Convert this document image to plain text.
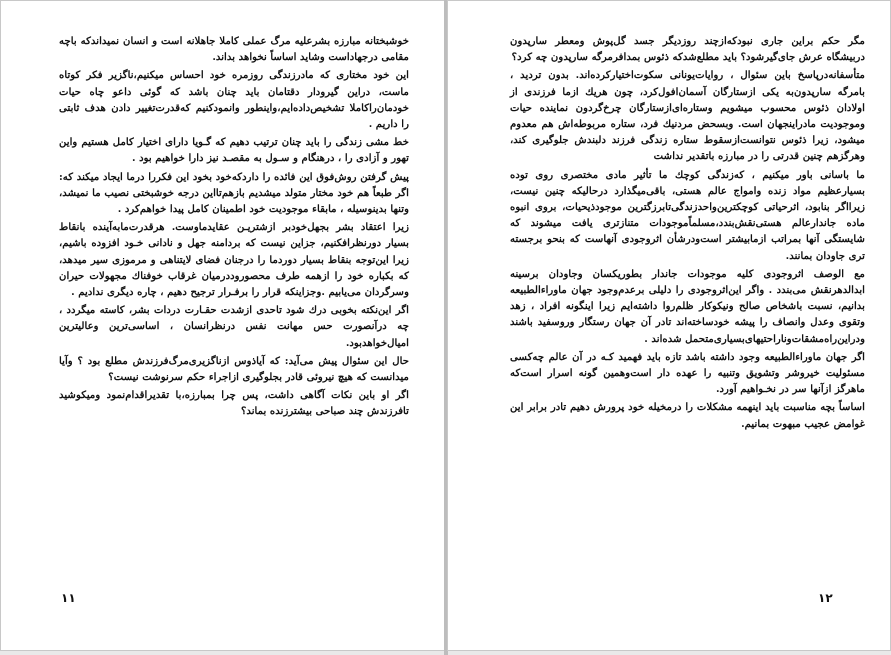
خوشبختانه مبارزه بشرعلیه مرگ عملی کاملا جاهلانه است و انسان نمیداندکه باچه مقامی درجهاداست وشاید اساساً نخواهد بداند.

این خود مختاری که مادرزندگی روزمره خود احساس میکنیم،ناگزیر فکر کوتاه ماست، دراین گیرودار دقتامان باید چنان باشد که گوئی داعو چاه حیات خودمان‌راکاملا تشخیص‌داده‌ایم،واینطور وانمودکنیم که‌قدرت‌تغییر دادن هدف ثابتی را داریم .

خط مشی زندگی را باید چنان ترتیب دهیم که گـویا دارای اختیار کامل هستیم واین تهور و آزادی را ، درهنگام و سـول به مقصـد نیز دارا خواهیم بود .

پیش گرفتن روش‌فوق این فائده را داردکه‌خود بخود این فکررا درما ایجاد میکند که: اگر طبعاً هم خود مختار متولد میشدیم بازهم‌تااین درجه خوشبختی نصیب ما نمیشد، وتنها بدینوسیله ، مابقاء موجودیت خود اطمینان کامل پیدا خواهم‌کرد .

زیرا اعتقاد بشر بجهل‌خودبر ازشتریـن عقایدماوست. هرقدرت‌مابه‌آینده بانقاط بسیار دورنظرافکنیم، جزاین نیست که بردامنه جهل و نادانی خـود افزوده باشیم، زیرا این‌توجه بنقاط بسیار دوردما را درجنان فضای لایتناهی و مرموزی سیر میدهد، که بکباره خود را ازهمه طرف محصوروددرميان غرقاب خوفناك مجهولات حیران وسرگردان می‌یابیم .وجزاینکه قرار را بر‌فـرار ترجیح دهیم ، چاره دیگری ندادیم .

اگر این‌نکته بخوبی درك شود تاحدی ازشدت حقـارت دردات بشر، کاسته میگردد ، چه درآنصورت حس مهانت نفس درنظرانسان ، اساسی‌ترین وعالیترین امیال‌خواهدبود.

حال این سئوال پیش می‌آید: که آیاذوس ازناگزیری‌مرگ‌فرزندش مطلع بود ؟ وآیا میدانست که هیچ نیروئی قادر بجلوگیری ازاجراء حکم سرنوشت نیست؟

اگر او باین نکات آگاهی داشت، پس چرا بمبارزه،با تقدیراقدام‌نمود ومیکوشید تافرزندش چند صباحی بیشترزنده بماند؟

۱۱

مگر حکم براین جاری نبودکه‌ازچند روزدیگر جسد گل‌پوش ومعطر سارپدون دربیشگاه عرش جای‌گیرشود؟ باید مطلع‌شدکه ذئوس بمدافرمرگه سارپدون چه کرد؟

متأسفانه‌درپاسخ باین سئوال ، روایات‌یونانی سکوت‌اختیارکرده‌اند. بدون تردید ، بامرگه سارپدون‌به یکی ازستارگان آسمان‌افول‌کرد، چون هریك ازما فرزندی از اولادان ذئوس محسوب میشویم وستاره‌ای‌ازستارگان چرخ‌گردون نماینده حیات وموجودیت مادراینجهان است. وبسحض مردنیك فرد، ستاره مربوطه‌اش هم معدوم میشود، زیرا ذئوس نتوانست‌ازسقوط ستاره زندگی فرزند دلبندش جلوگیری کند، وهرگزهم چنین قدرتی را در مبارزه باتقدیر نداشت

ما باسانی باور میکنیم ، که‌زندگی کوچك ما تأثیر مادی مختصری روی توده بسیارعظیم مواد زنده وامواج عالم هستی، باقی‌میگذارد درحالیکه چنین نیست، زیراا‌گر بنابود، اثرحیاتی کوچکترین‌واحدزندگی‌تابرزگترین موجودذیحیات، بروی انبوه ماده جاندارعالم هستی‌نقش‌بندد،مسلماًموجودات متنازتری یافت میشوند که شایستگی آنها بمراتب ازمابیشتر است‌ودرشأن اثروجودی آنهاست که بنحو برجسته تری جاودان بمانند.

مع الوصف اثروجودی کلیه موجودات جاندار بطوریکسان وجاودان برسینه ابدالدهرنقش می‌بندد . واگر این‌اثروجودی را دلیلی برعدم‌وجود جهان ماوراءالطبیعه بدانیم، نسبت باشخاص صالح ونیکوکار ظلم‌روا داشته‌ایم زیرا اینگونه افراد ، زهد وتقوی وعدل وانصاف را پیشه خودساخته‌اند تادر آن جهان رستگار وروسفید باشند ودراین‌راه‌مشقات‌وناراحتیهای‌بسیاری‌متحمل شده‌اند .

اگر جهان ماوراءالطبیعه وجود داشته باشد تازه باید فهمید کـه در آن عالم چه‌کسی مسئولیت خیرو‌شر وتشویق وتنبیه را عهده دار است‌وهمین گونه اسرار است‌که ماهرگز ازآنها سر در نخـواهیم آورد.

اساساً بچه مناسبت باید اینهمه مشکلات را درمخیله خود پرورش دهیم تادر برابر این غوامض عجیب مبهوت بمانیم.

۱۲
